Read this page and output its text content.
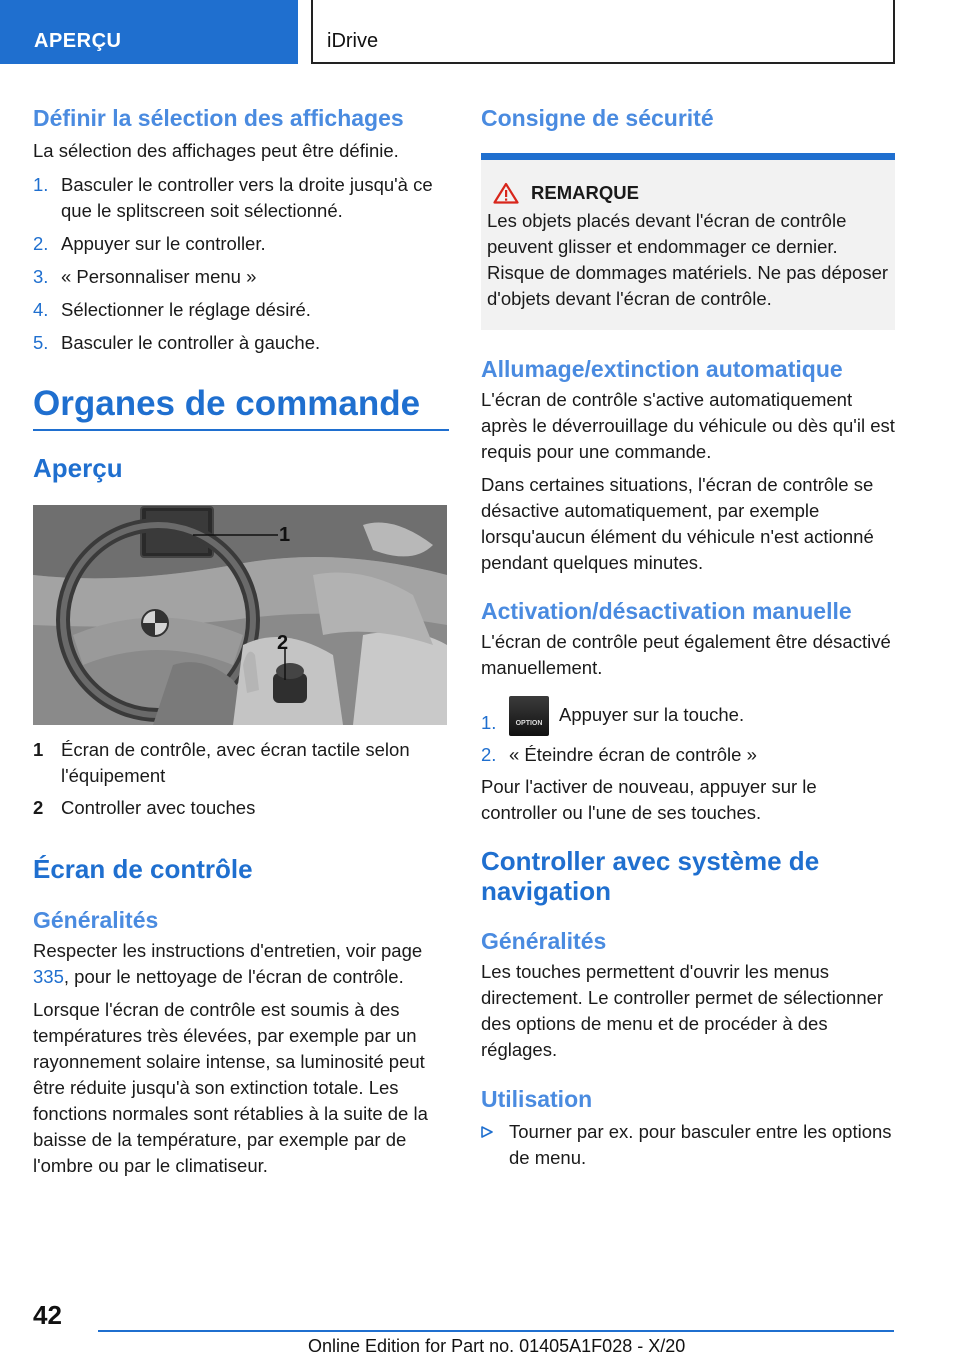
APERÇU	iDrive
Définir la sélection des affichages
La sélection des affichages peut être définie.
1. Basculer le controller vers la droite jusqu'à ce que le splitscreen soit sélectionné.
2. Appuyer sur le controller.
3. « Personnaliser menu »
4. Sélectionner le réglage désiré.
5. Basculer le controller à gauche.
Organes de commande
Aperçu
1
2
1 Écran de contrôle, avec écran tactile selon l'équipement
2 Controller avec touches
Écran de contrôle
Généralités
Respecter les instructions d'entretien, voir page 335, pour le nettoyage de l'écran de contrôle.
Lorsque l'écran de contrôle est soumis à des températures très élevées, par exemple par un rayonnement solaire intense, sa luminosité peut être réduite jusqu'à son extinction totale. Les fonctions normales sont rétablies à la suite de la baisse de la température, par exemple par de l'ombre ou par le climatiseur.
Consigne de sécurité
REMARQUE
Les objets placés devant l'écran de contrôle peuvent glisser et endommager ce dernier. Risque de dommages matériels. Ne pas déposer d'objets devant l'écran de contrôle.
Allumage/extinction automatique
L'écran de contrôle s'active automatiquement après le déverrouillage du véhicule ou dès qu'il est requis pour une commande.
Dans certaines situations, l'écran de contrôle se désactive automatiquement, par exemple lorsqu'aucun élément du véhicule n'est actionné pendant quelques minutes.
Activation/désactivation manuelle
L'écran de contrôle peut également être désactivé manuellement.
1.	OPTION Appuyer sur la touche.
2. « Éteindre écran de contrôle »
Pour l'activer de nouveau, appuyer sur le controller ou l'une de ses touches.
Controller avec système de navigation
Généralités
Les touches permettent d'ouvrir les menus directement. Le controller permet de sélectionner des options de menu et de procéder à des réglages.
Utilisation
Tourner par ex. pour basculer entre les options de menu.
42
Online Edition for Part no. 01405A1F028 - X/20
